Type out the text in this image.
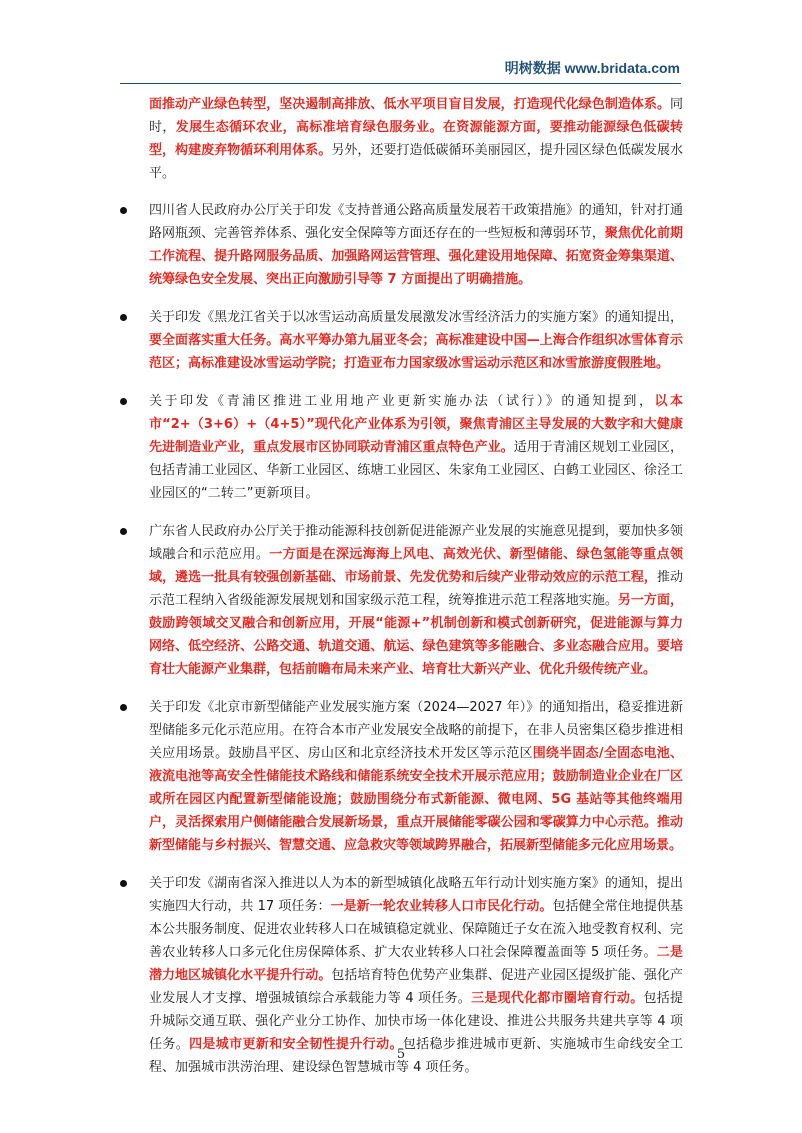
明树数据 www.bridata.com

面推动产业绿色转型，坚决遏制高排放、低水平项目盲目发展，打造现代化绿色制造体系。同时，发展生态循环农业，高标准培育绿色服务业。在资源能源方面，要推动能源绿色低碳转型，构建废弃物循环利用体系。另外，还要打造低碳循环美丽园区，提升园区绿色低碳发展水平。

四川省人民政府办公厅关于印发《支持普通公路高质量发展若干政策措施》的通知，针对打通路网瓶颈、完善管养体系、强化安全保障等方面还存在的一些短板和薄弱环节，聚焦优化前期工作流程、提升路网服务品质、加强路网运营管理、强化建设用地保障、拓宽资金筹集渠道、统筹绿色安全发展、突出正向激励引导等 7 方面提出了明确措施。
关于印发《黑龙江省关于以冰雪运动高质量发展激发冰雪经济活力的实施方案》的通知提出，要全面落实重大任务。高水平筹办第九届亚冬会；高标准建设中国—上海合作组织冰雪体育示范区；高标准建设冰雪运动学院；打造亚布力国家级冰雪运动示范区和冰雪旅游度假胜地。
关于印发《青浦区推进工业用地产业更新实施办法（试行）》的通知提到，以本市“2+（3+6）+（4+5）”现代化产业体系为引领，聚焦青浦区主导发展的大数字和大健康先进制造业产业，重点发展市区协同联动青浦区重点特色产业。适用于青浦区规划工业园区，包括青浦工业园区、华新工业园区、练塘工业园区、朱家角工业园区、白鹤工业园区、徐泾工业园区的“二转二”更新项目。
广东省人民政府办公厅关于推动能源科技创新促进能源产业发展的实施意见提到，要加快多领域融合和示范应用。一方面是在深远海海上风电、高效光伏、新型储能、绿色氢能等重点领域，遴选一批具有较强创新基础、市场前景、先发优势和后续产业带动效应的示范工程，推动示范工程纳入省级能源发展规划和国家级示范工程，统筹推进示范工程落地实施。另一方面，鼓励跨领域交叉融合和创新应用，开展“能源+”机制创新和模式创新研究，促进能源与算力网络、低空经济、公路交通、轨道交通、航运、绿色建筑等多能融合、多业态融合应用。要培育壮大能源产业集群，包括前瞻布局未来产业、培育壮大新兴产业、优化升级传统产业。
关于印发《北京市新型储能产业发展实施方案（2024—2027 年）》的通知指出，稳妥推进新型储能多元化示范应用。在符合本市产业发展安全战略的前提下，在非人员密集区稳步推进相关应用场景。鼓励昌平区、房山区和北京经济技术开发区等示范区围绕半固态/全固态电池、液流电池等高安全性储能技术路线和储能系统安全技术开展示范应用；鼓励制造业企业在厂区或所在园区内配置新型储能设施；鼓励围绕分布式新能源、微电网、5G 基站等其他终端用户，灵活探索用户侧储能融合发展新场景，重点开展储能零碳公园和零碳算力中心示范。推动新型储能与乡村振兴、智慧交通、应急救灾等领域跨界融合，拓展新型储能多元化应用场景。
关于印发《湖南省深入推进以人为本的新型城镇化战略五年行动计划实施方案》的通知，提出实施四大行动，共 17 项任务：一是新一轮农业转移人口市民化行动。包括健全常住地提供基本公共服务制度、促进农业转移人口在城镇稳定就业、保障随迁子女在流入地受教育权利、完善农业转移人口多元化住房保障体系、扩大农业转移人口社会保障覆盖面等 5 项任务。二是潜力地区城镇化水平提升行动。包括培育特色优势产业集群、促进产业园区提级扩能、强化产业发展人才支撑、增强城镇综合承载能力等 4 项任务。三是现代化都市圈培育行动。包括提升城际交通互联、强化产业分工协作、加快市场一体化建设、推进公共服务共建共享等 4 项任务。四是城市更新和安全韧性提升行动。包括稳步推进城市更新、实施城市生命线安全工程、加强城市洪涝治理、建设绿色智慧城市等 4 项任务。
5
